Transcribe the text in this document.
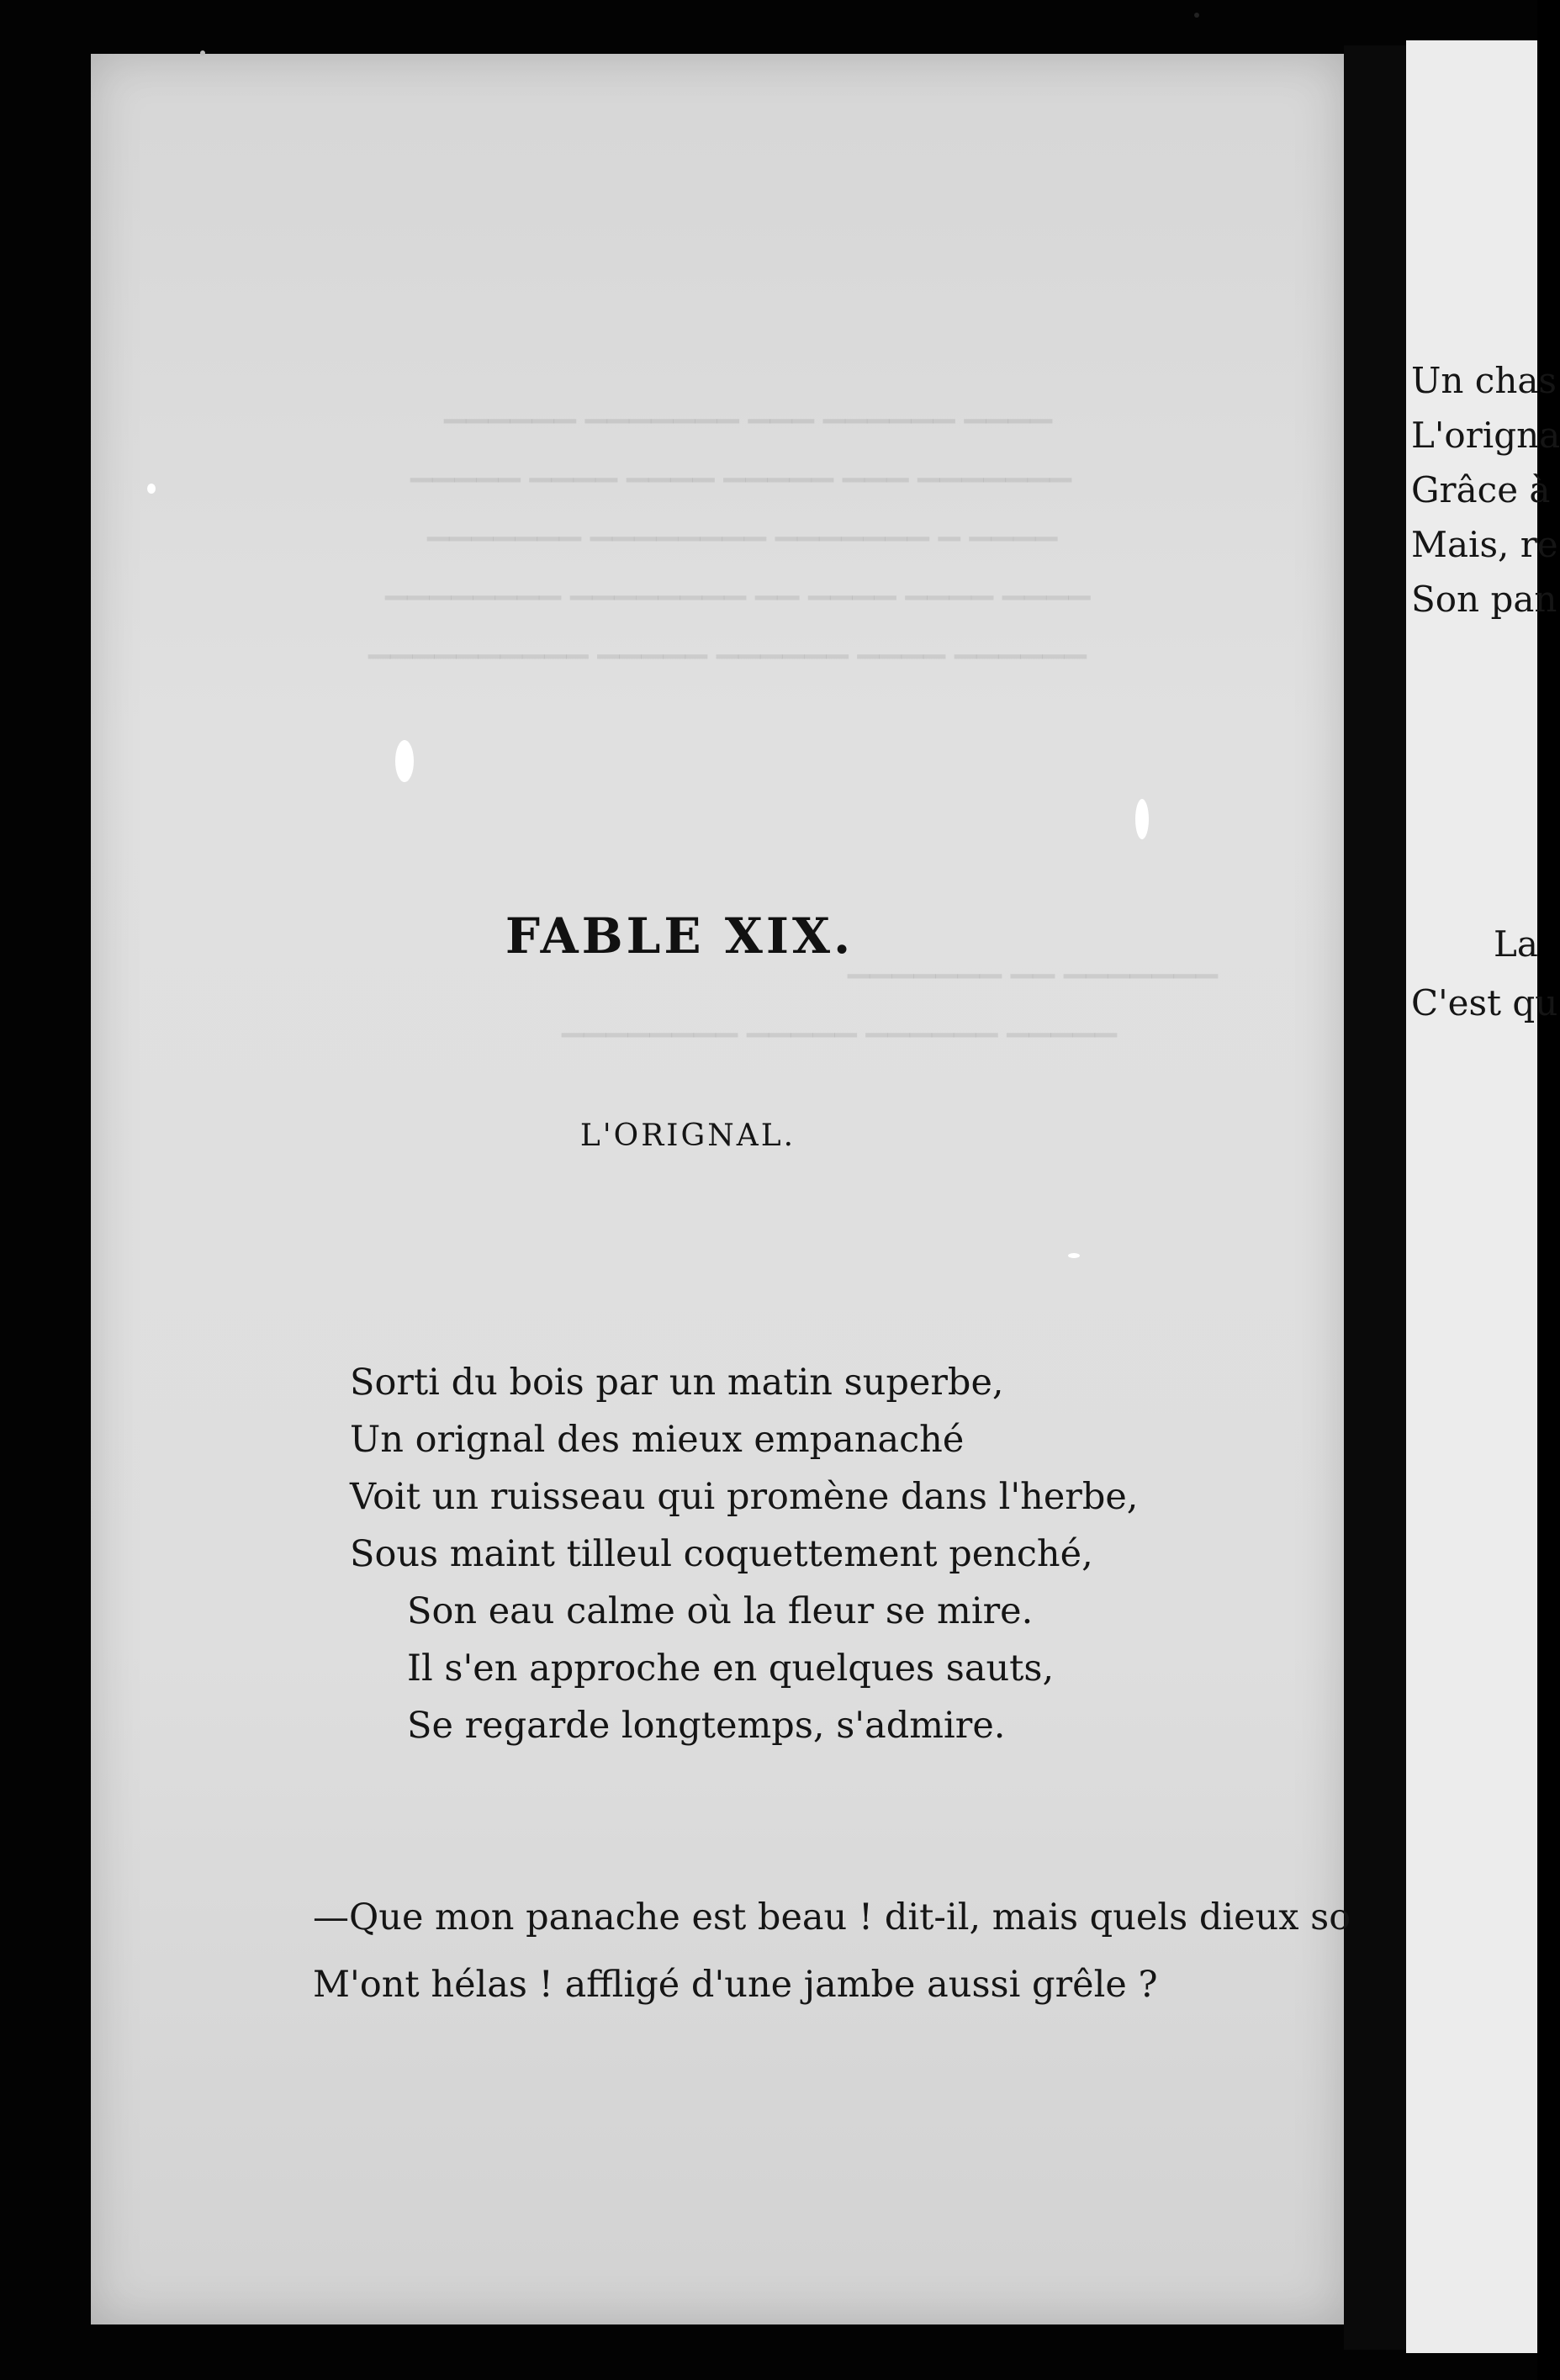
▁▁▁▁ ▁▁▁▁▁▁ ▁▁▁ ▁▁▁▁▁▁▁ ▁▁▁▁▁▁
▁▁▁▁▁▁▁ ▁▁▁ ▁▁▁▁▁ ▁▁▁▁ ▁▁▁▁ ▁▁▁▁▁
▁▁▁▁ ▁ ▁▁▁▁▁▁▁ ▁▁▁▁▁▁▁▁ ▁▁▁▁▁▁▁
▁▁▁▁ ▁▁▁▁ ▁▁▁▁ ▁▁ ▁▁▁▁▁▁▁▁ ▁▁▁▁▁▁▁▁
▁▁▁▁▁▁ ▁▁▁▁ ▁▁▁▁▁▁ ▁▁▁▁▁ ▁▁▁▁▁▁▁▁▁▁
▁▁▁▁▁▁▁ ▁▁ ▁▁▁▁▁▁▁
▁▁▁▁▁ ▁▁▁▁▁▁ ▁▁▁▁▁ ▁▁▁▁▁▁▁▁
Un chas
L'origna
Grâce à
Mais, re
Son pan
La
C'est qu
FABLE XIX.
L'ORIGNAL.
Sorti du bois par un matin superbe,
Un orignal des mieux empanaché
Voit un ruisseau qui promène dans l'herbe,
Sous maint tilleul coquettement penché,
Son eau calme où la fleur se mire.
Il s'en approche en quelques sauts,
Se regarde longtemps, s'admire.
—Que mon panache est beau ! dit-il, mais quels dieux so
M'ont hélas ! affligé d'une jambe aussi grêle ?
